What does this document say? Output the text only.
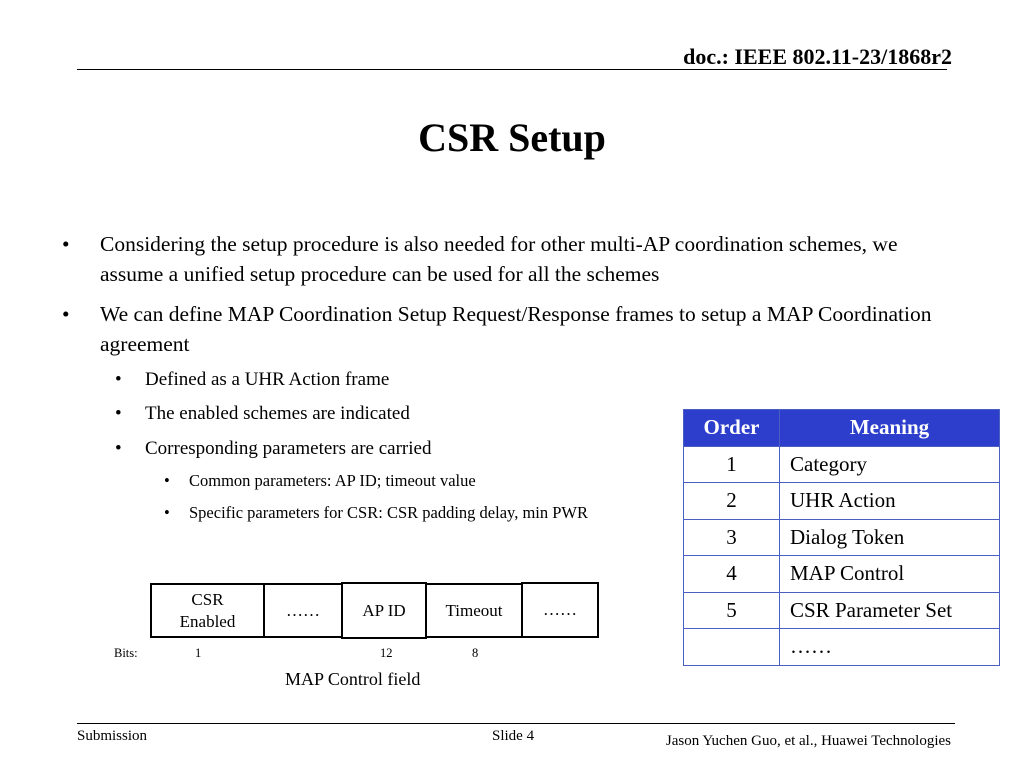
doc.: IEEE 802.11-23/1868r2
CSR Setup
• Considering the setup procedure is also needed for other multi-AP coordination schemes, we assume a unified setup procedure can be used for all the schemes
• We can define MAP Coordination Setup Request/Response frames to setup a MAP Coordination agreement
• Defined as a UHR Action frame
• The enabled schemes are indicated
• Corresponding parameters are carried
• Common parameters: AP ID; timeout value
• Specific parameters for CSR: CSR padding delay, min PWR
Order	Meaning
1	Category
2	UHR Action
3	Dialog Token
4	MAP Control
5	CSR Parameter Set
	……
CSR Enabled
…… AP ID Timeout ……
Bits:	1	12	8
MAP Control field
Submission	Slide 4	Jason Yuchen Guo, et al., Huawei Technologies
